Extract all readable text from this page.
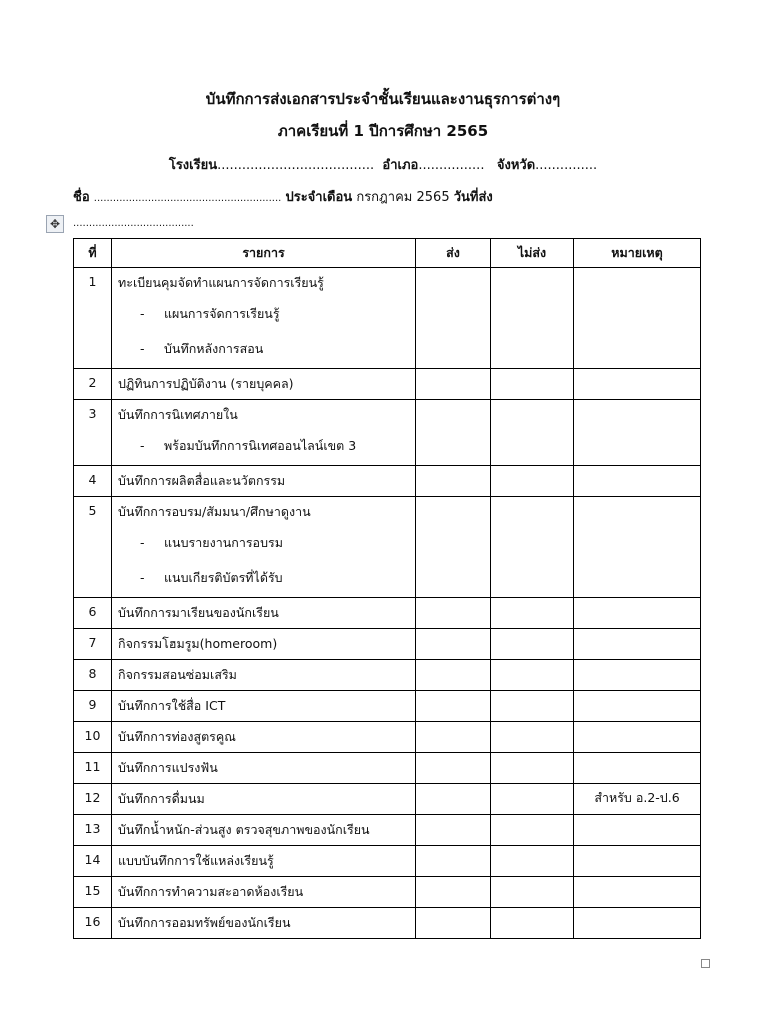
บันทึกการส่งเอกสารประจำชั้นเรียนและงานธุรการต่างๆ
ภาคเรียนที่ 1 ปีการศึกษา 2565
โรงเรียน...................................... อำเภอ................ จังหวัด...............
ชื่อ ........................................................... ประจำเดือน กรกฎาคม 2565 วันที่ส่ง
✥	......................................
ที่	รายการ	ส่ง	ไม่ส่ง	หมายเหตุ
1	ทะเบียนคุมจัดทำแผนการจัดการเรียนรู้
- แผนการจัดการเรียนรู้
- บันทึกหลังการสอน

2	ปฏิทินการปฏิบัติงาน (รายบุคคล)			

3	บันทึกการนิเทศภายใน
- พร้อมบันทึกการนิเทศออนไลน์เขต 3

4	บันทึกการผลิตสื่อและนวัตกรรม			

5	บันทึกการอบรม/สัมมนา/ศึกษาดูงาน
- แนบรายงานการอบรม
- แนบเกียรติบัตรที่ได้รับ

6	บันทึกการมาเรียนของนักเรียน			

7	กิจกรรมโฮมรูม(homeroom)			

8	กิจกรรมสอนซ่อมเสริม			

9	บันทึกการใช้สื่อ ICT			

10	บันทึกการท่องสูตรคูณ			

11	บันทึกการแปรงฟัน			

12	บันทึกการดื่มนม			สำหรับ อ.2-ป.6
13	บันทึกน้ำหนัก-ส่วนสูง ตรวจสุขภาพของนักเรียน			

14	แบบบันทึกการใช้แหล่งเรียนรู้			

15	บันทึกการทำความสะอาดห้องเรียน			

16	บันทึกการออมทรัพย์ของนักเรียน			
